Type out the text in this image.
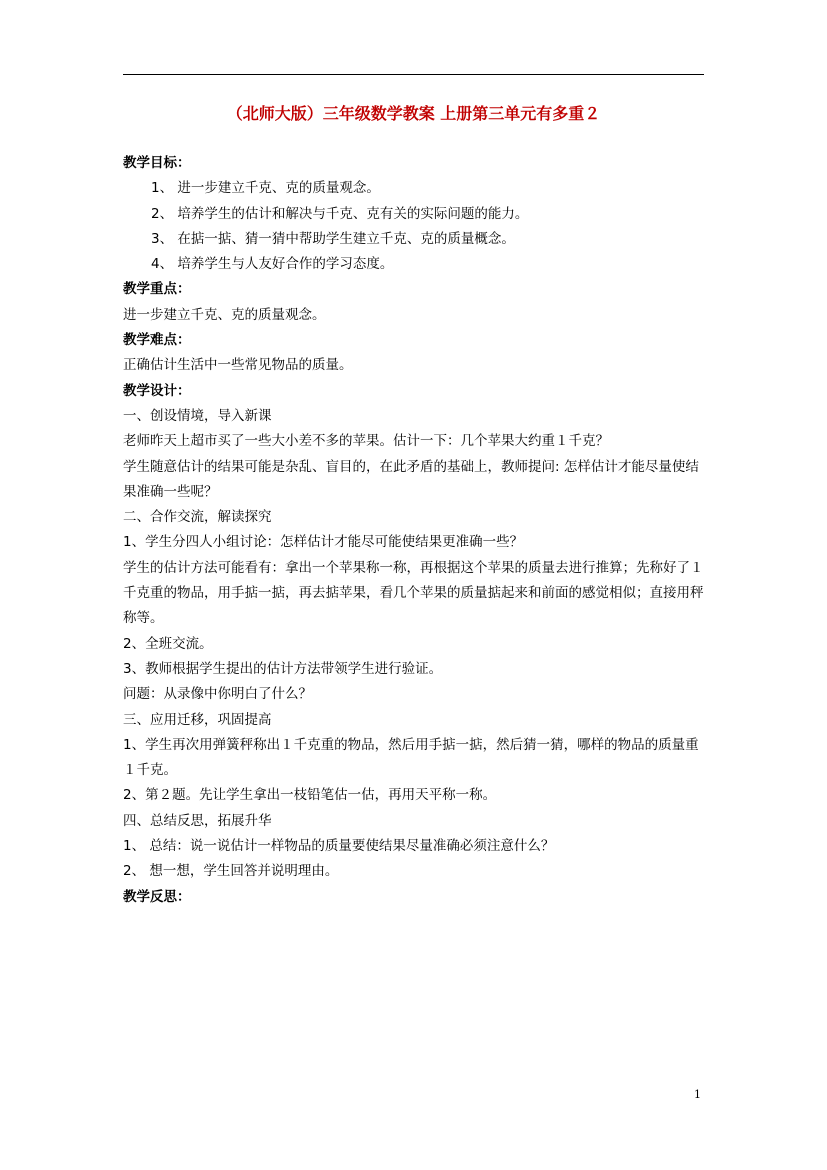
（北师大版）三年级数学教案 上册第三单元有多重２

教学目标：

1、 进一步建立千克、克的质量观念。

2、 培养学生的估计和解决与千克、克有关的实际问题的能力。

3、 在掂一掂、猜一猜中帮助学生建立千克、克的质量概念。

4、 培养学生与人友好合作的学习态度。

教学重点：

进一步建立千克、克的质量观念。

教学难点：

正确估计生活中一些常见物品的质量。

教学设计：

一、创设情境，导入新课

老师昨天上超市买了一些大小差不多的苹果。估计一下：几个苹果大约重１千克？

学生随意估计的结果可能是杂乱、盲目的，在此矛盾的基础上，教师提问: 怎样估计才能尽量使结果准确一些呢？

二、合作交流，解读探究

1、学生分四人小组讨论：怎样估计才能尽可能使结果更准确一些？

学生的估计方法可能看有：拿出一个苹果称一称，再根据这个苹果的质量去进行推算；先称好了１千克重的物品，用手掂一掂，再去掂苹果，看几个苹果的质量掂起来和前面的感觉相似；直接用秤称等。

2、全班交流。

3、教师根据学生提出的估计方法带领学生进行验证。

问题：从录像中你明白了什么？

三、应用迁移，巩固提高

1、学生再次用弹簧秤称出１千克重的物品，然后用手掂一掂，然后猜一猜，哪样的物品的质量重１千克。

2、第２题。先让学生拿出一枝铅笔估一估，再用天平称一称。

四、总结反思，拓展升华

1、 总结：说一说估计一样物品的质量要使结果尽量准确必须注意什么？

2、 想一想，学生回答并说明理由。

教学反思：

1
